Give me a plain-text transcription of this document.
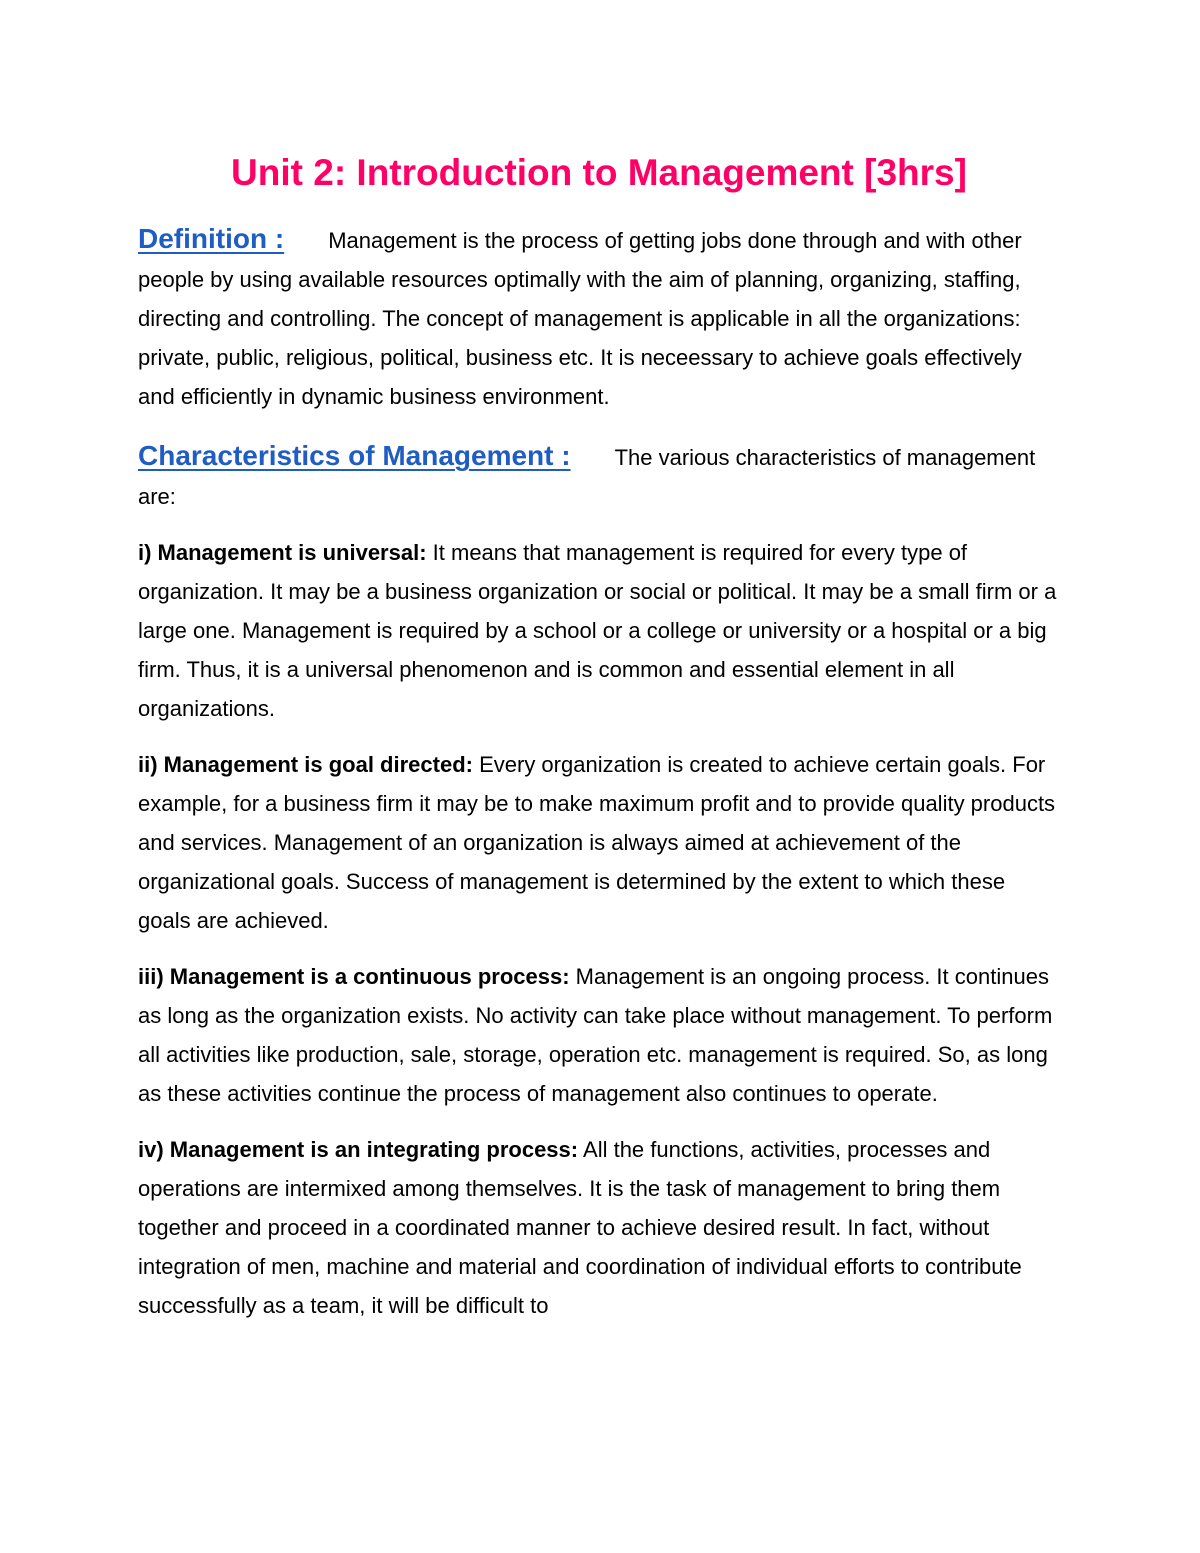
Unit 2: Introduction to Management [3hrs]

Definition : Management is the process of getting jobs done through and with other people by using available resources optimally with the aim of planning, organizing, staffing, directing and controlling. The concept of management is applicable in all the organizations: private, public, religious, political, business etc. It is neceessary to achieve goals effectively and efficiently in dynamic business environment.

Characteristics of Management : The various characteristics of management are:

i) Management is universal: It means that management is required for every type of organization. It may be a business organization or social or political. It may be a small firm or a large one. Management is required by a school or a college or university or a hospital or a big firm. Thus, it is a universal phenomenon and is common and essential element in all organizations.

ii) Management is goal directed: Every organization is created to achieve certain goals. For example, for a business firm it may be to make maximum profit and to provide quality products and services. Management of an organization is always aimed at achievement of the organizational goals. Success of management is determined by the extent to which these goals are achieved.

iii) Management is a continuous process: Management is an ongoing process. It continues as long as the organization exists. No activity can take place without management. To perform all activities like production, sale, storage, operation etc. management is required. So, as long as these activities continue the process of management also continues to operate.

iv) Management is an integrating process: All the functions, activities, processes and operations are intermixed among themselves. It is the task of management to bring them together and proceed in a coordinated manner to achieve desired result. In fact, without integration of men, machine and material and coordination of individual efforts to contribute successfully as a team, it will be difficult to
